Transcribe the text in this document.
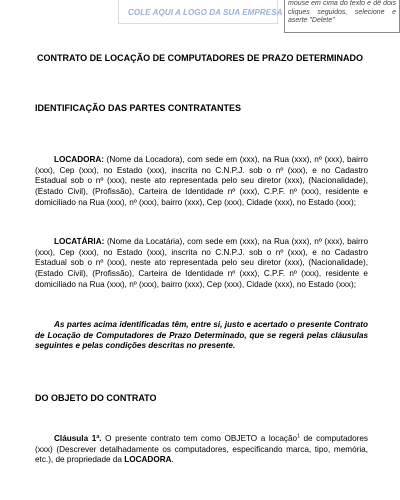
COLE AQUI A LOGO DA SUA EMPRESA
mouse em cima do texto e dê dois cliques seguidos, selecione e aserte "Delete"
CONTRATO DE LOCAÇÃO DE COMPUTADORES DE PRAZO DETERMINADO
IDENTIFICAÇÃO DAS PARTES CONTRATANTES
LOCADORA: (Nome da Locadora), com sede em (xxx), na Rua (xxx), nº (xxx), bairro (xxx), Cep (xxx), no Estado (xxx), inscrita no C.N.P.J. sob o nº (xxx), e no Cadastro Estadual sob o nº (xxx), neste ato representada pelo seu diretor (xxx), (Nacionalidade), (Estado Civil), (Profissão), Carteira de Identidade nº (xxx), C.P.F. nº (xxx), residente e domiciliado na Rua (xxx), nº (xxx), bairro (xxx), Cep (xxx), Cidade (xxx), no Estado (xxx);
LOCATÁRIA: (Nome da Locatária), com sede em (xxx), na Rua (xxx), nº (xxx), bairro (xxx), Cep (xxx), no Estado (xxx), inscrita no C.N.P.J. sob o nº (xxx), e no Cadastro Estadual sob o nº (xxx), neste ato representada pelo seu diretor (xxx), (Nacionalidade), (Estado Civil), (Profissão), Carteira de Identidade nº (xxx), C.P.F. nº (xxx), residente e domiciliado na Rua (xxx), nº (xxx), bairro (xxx), Cep (xxx), Cidade (xxx), no Estado (xxx);
As partes acima identificadas têm, entre si, justo e acertado o presente Contrato de Locação de Computadores de Prazo Determinado, que se regerá pelas cláusulas seguintes e pelas condições descritas no presente.
DO OBJETO DO CONTRATO
Cláusula 1ª. O presente contrato tem como OBJETO a locação$^1$ de computadores (xxx) (Descrever detalhadamente os computadores, especificando marca, tipo, memória, etc.), de propriedade da LOCADORA.
